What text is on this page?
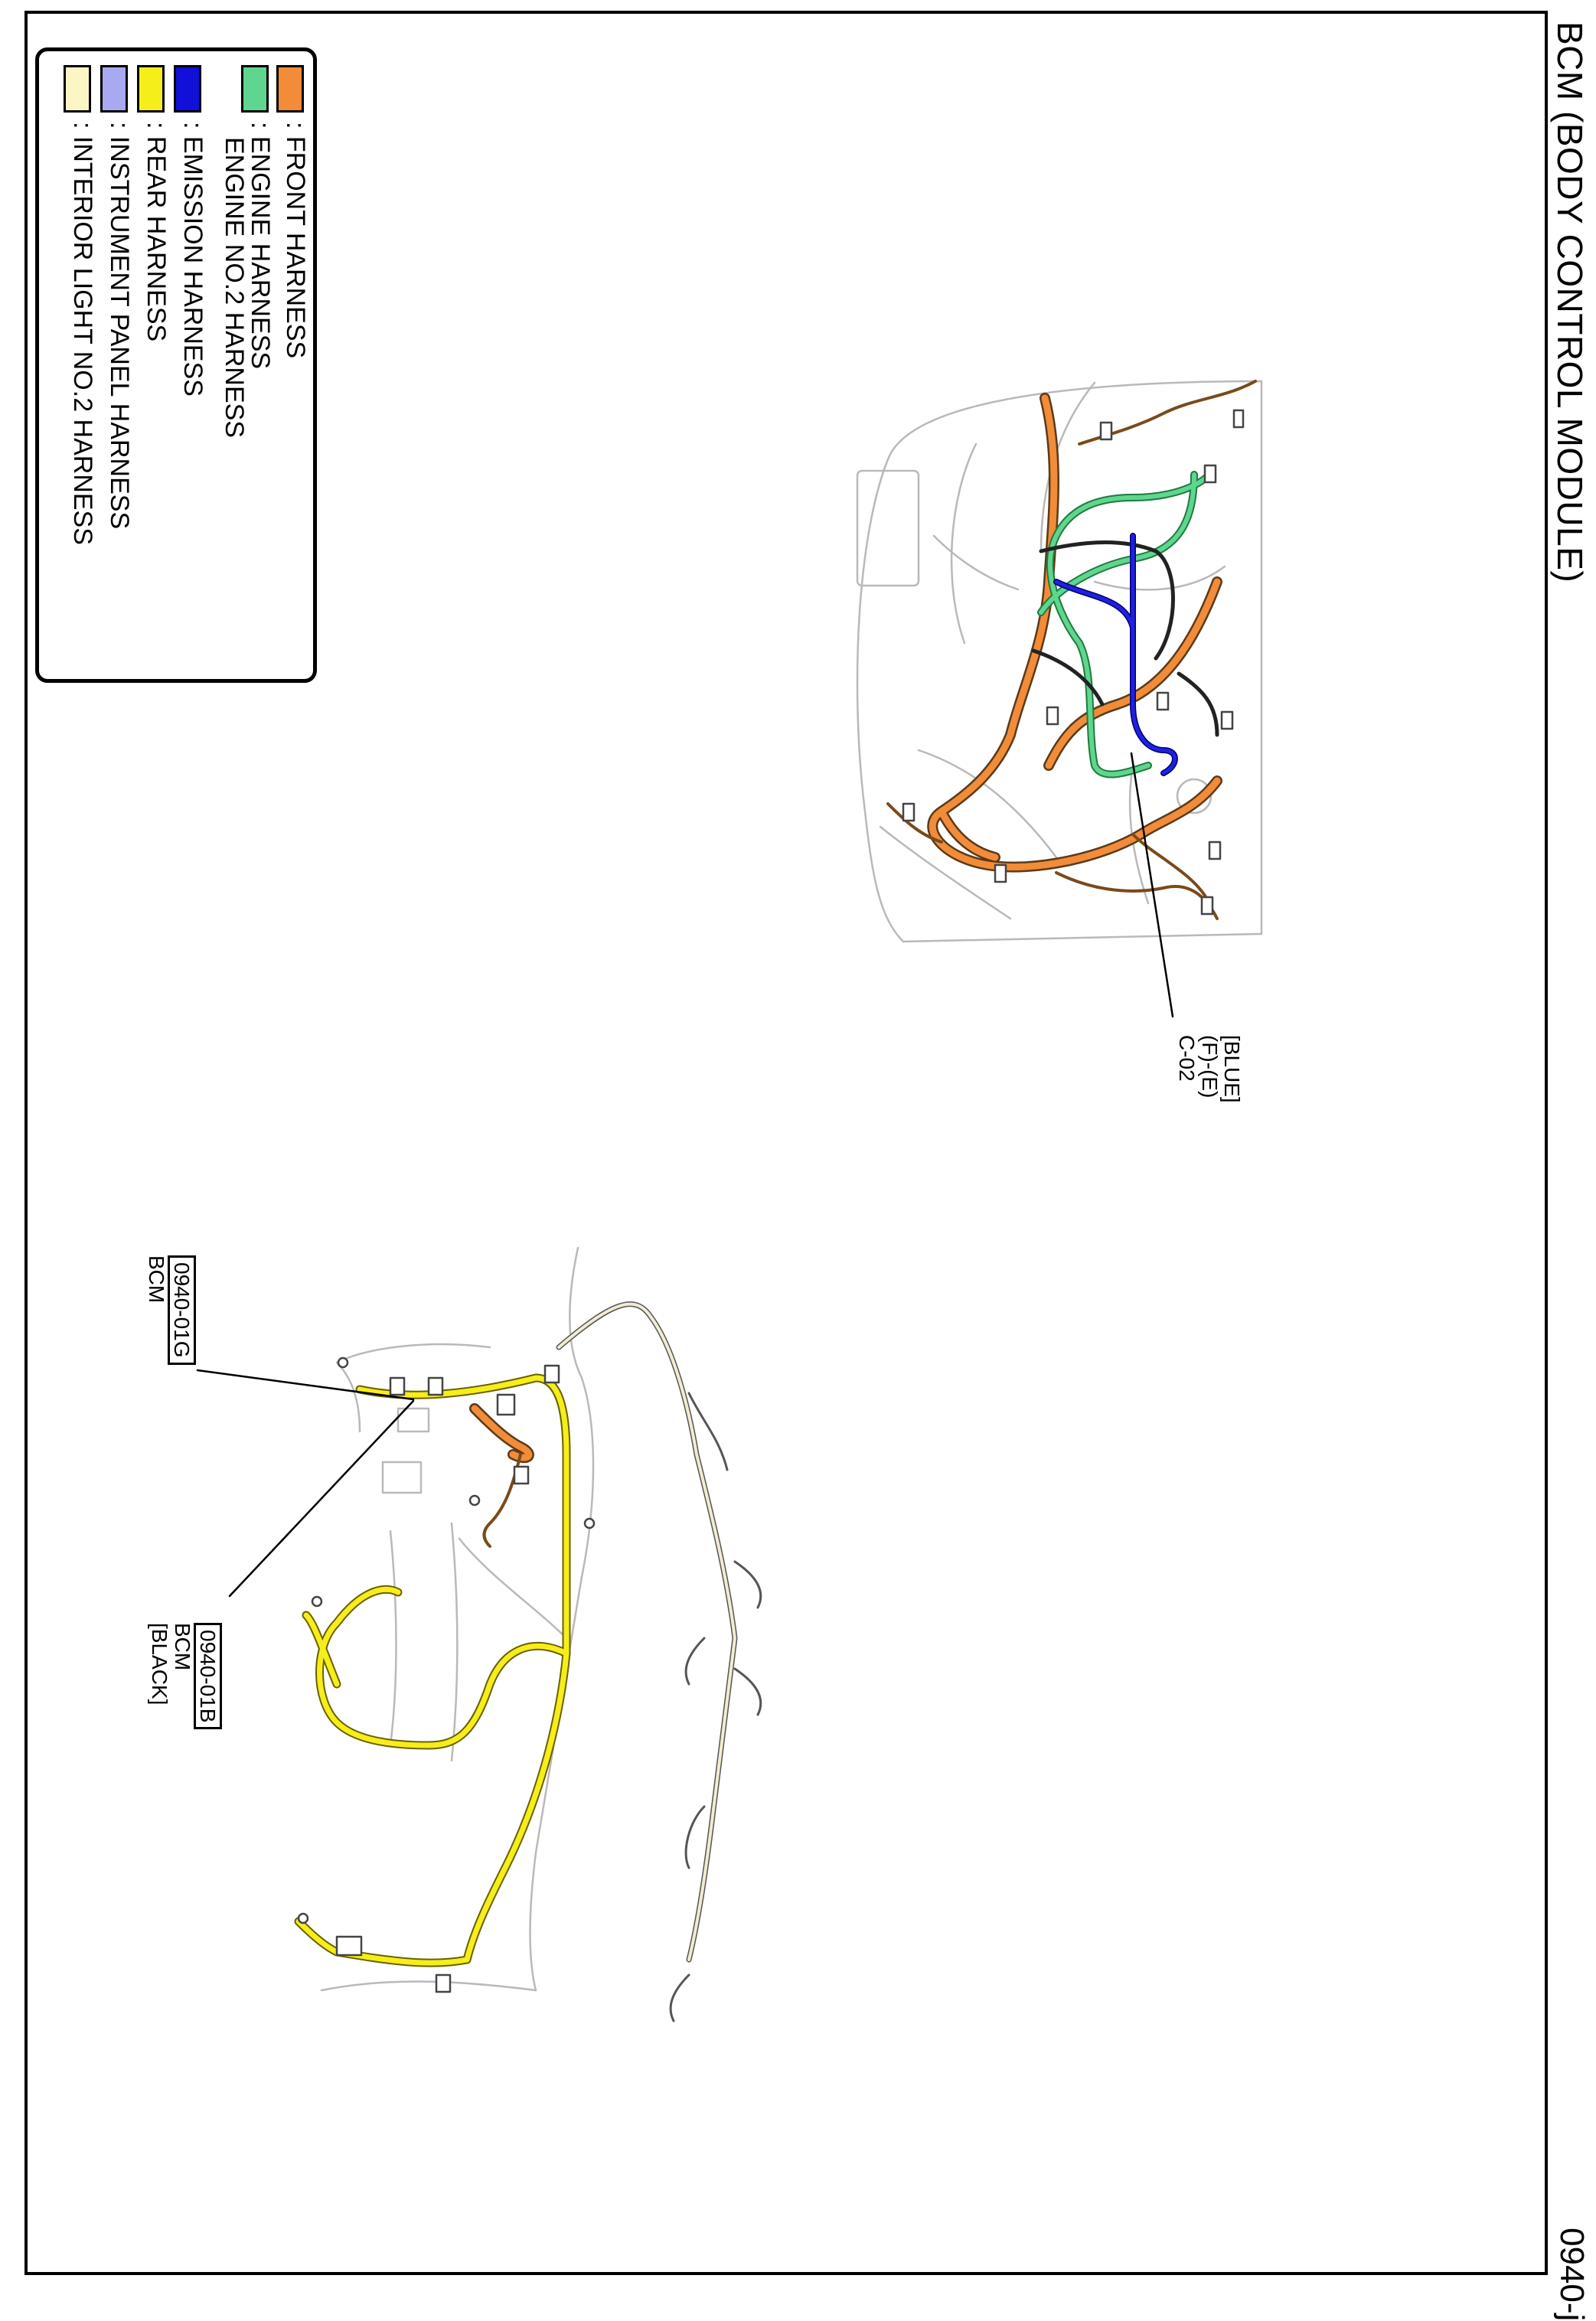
BCM (BODY CONTROL MODULE)
0940-j
: FRONT HARNESS
: ENGINE HARNESS
ENGINE NO.2 HARNESS
: EMISSION HARNESS
: REAR HARNESS
: INSTRUMENT PANEL HARNESS
: INTERIOR LIGHT NO.2 HARNESS
[BLUE]
(F)-(E)
C-02
0940-01G
BCM
0940-01B
BCM
[BLACK]
